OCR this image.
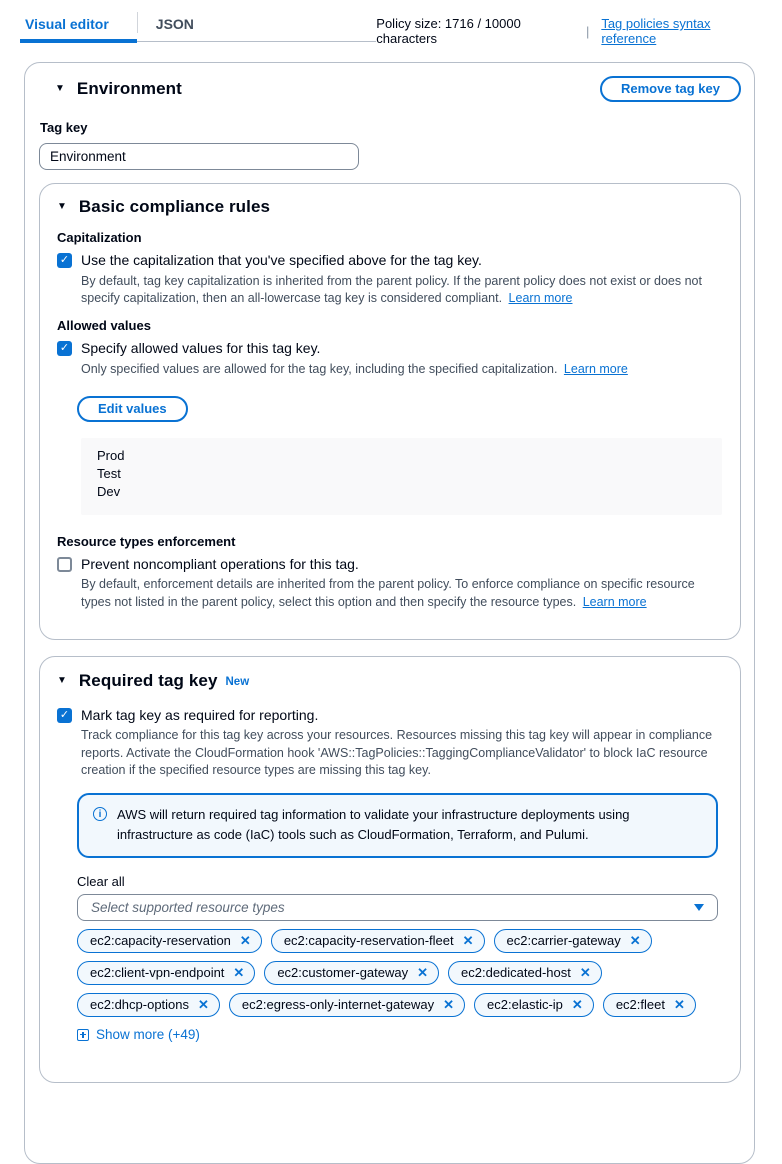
Visual editor	JSON	Policy size: 1716 / 10000 characters	| Tag policies syntax reference
▼ Environment	Remove tag key
Tag key
Environment
▼ Basic compliance rules
Capitalization
✓ Use the capitalization that you've specified above for the tag key.
By default, tag key capitalization is inherited from the parent policy. If the parent policy does not exist or does not specify capitalization, then an all-lowercase tag key is considered compliant. Learn more
Allowed values
✓ Specify allowed values for this tag key.
Only specified values are allowed for the tag key, including the specified capitalization. Learn more
Edit values
Prod
Test
Dev
Resource types enforcement
Prevent noncompliant operations for this tag.
By default, enforcement details are inherited from the parent policy. To enforce compliance on specific resource types not listed in the parent policy, select this option and then specify the resource types. Learn more
▼ Required tag key New
✓ Mark tag key as required for reporting.
Track compliance for this tag key across your resources. Resources missing this tag key will appear in compliance reports. Activate the CloudFormation hook 'AWS::TagPolicies::TaggingComplianceValidator' to block IaC resource creation if the specified resource types are missing this tag key.
i	AWS will return required tag information to validate your infrastructure deployments using infrastructure as code (IaC) tools such as CloudFormation, Terraform, and Pulumi.
Clear all
Select supported resource types
ec2:capacity-reservation ✕	ec2:capacity-reservation-fleet ✕	ec2:carrier-gateway ✕
ec2:client-vpn-endpoint ✕	ec2:customer-gateway ✕	ec2:dedicated-host ✕
ec2:dhcp-options ✕	ec2:egress-only-internet-gateway ✕	ec2:elastic-ip ✕	ec2:fleet ✕
Show more (+49)
